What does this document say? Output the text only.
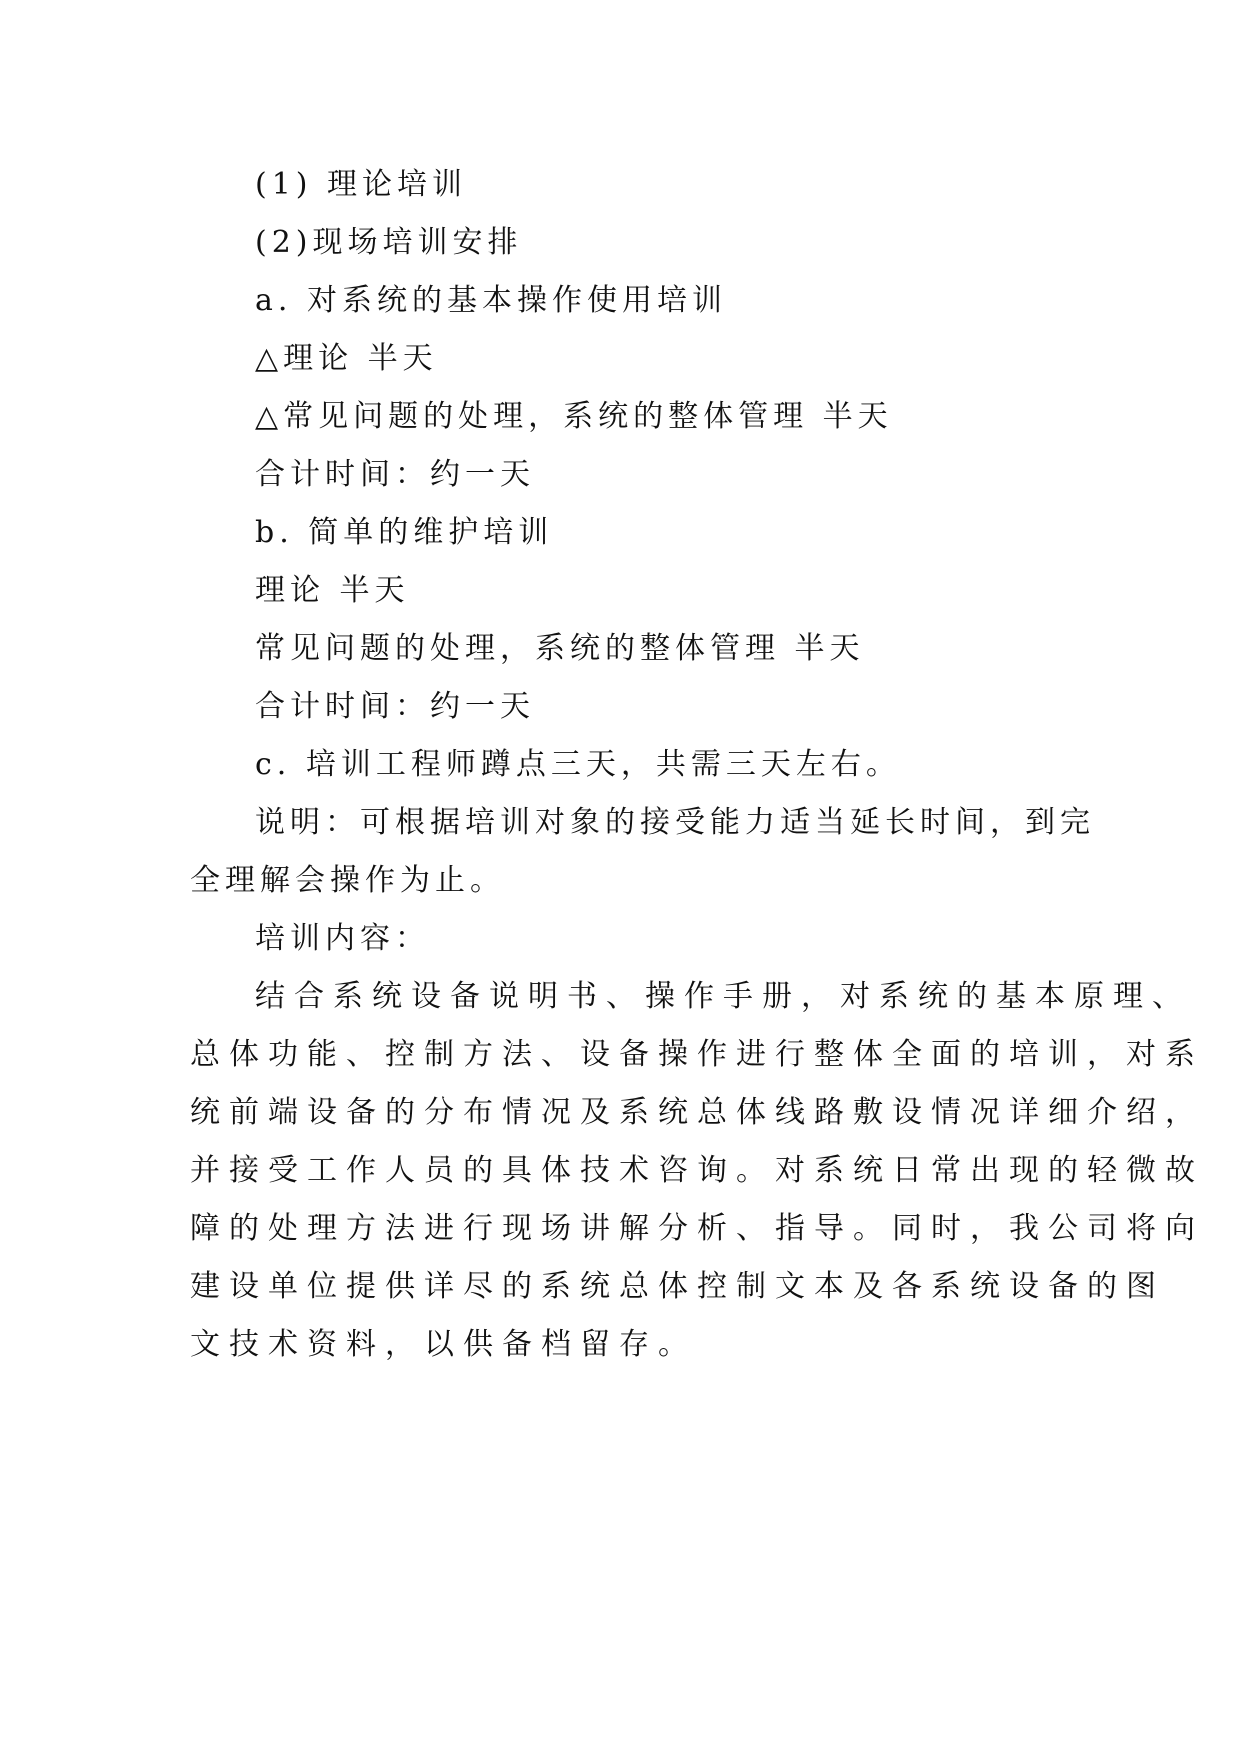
(1) 理论培训
(2)现场培训安排
a. 对系统的基本操作使用培训
△理论 半天
△常见问题的处理，系统的整体管理 半天
合计时间：约一天
b. 简单的维护培训
理论 半天
常见问题的处理，系统的整体管理 半天
合计时间：约一天
c. 培训工程师蹲点三天，共需三天左右。
说明：可根据培训对象的接受能力适当延长时间，到完
全理解会操作为止。
培训内容：
结合系统设备说明书、操作手册，对系统的基本原理、
总体功能、控制方法、设备操作进行整体全面的培训，对系
统前端设备的分布情况及系统总体线路敷设情况详细介绍，
并接受工作人员的具体技术咨询。对系统日常出现的轻微故
障的处理方法进行现场讲解分析、指导。同时，我公司将向
建设单位提供详尽的系统总体控制文本及各系统设备的图
文技术资料，以供备档留存。
